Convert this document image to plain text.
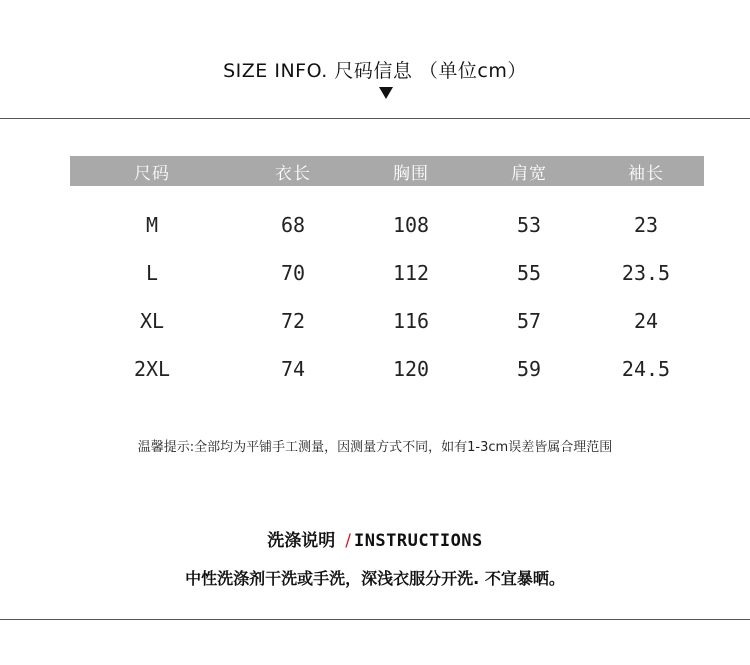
SIZE INFO. 尺码信息 （单位cm）
尺码	衣长	胸围	肩宽	袖长
M	68	108	53	23
L	70	112	55	23.5
XL	72	116	57	24
2XL	74	120	59	24.5
温馨提示:全部均为平铺手工测量，因测量方式不同，如有1-3cm误差皆属合理范围
洗涤说明 / INSTRUCTIONS
中性洗涤剂干洗或手洗，深浅衣服分开洗. 不宜暴晒。
